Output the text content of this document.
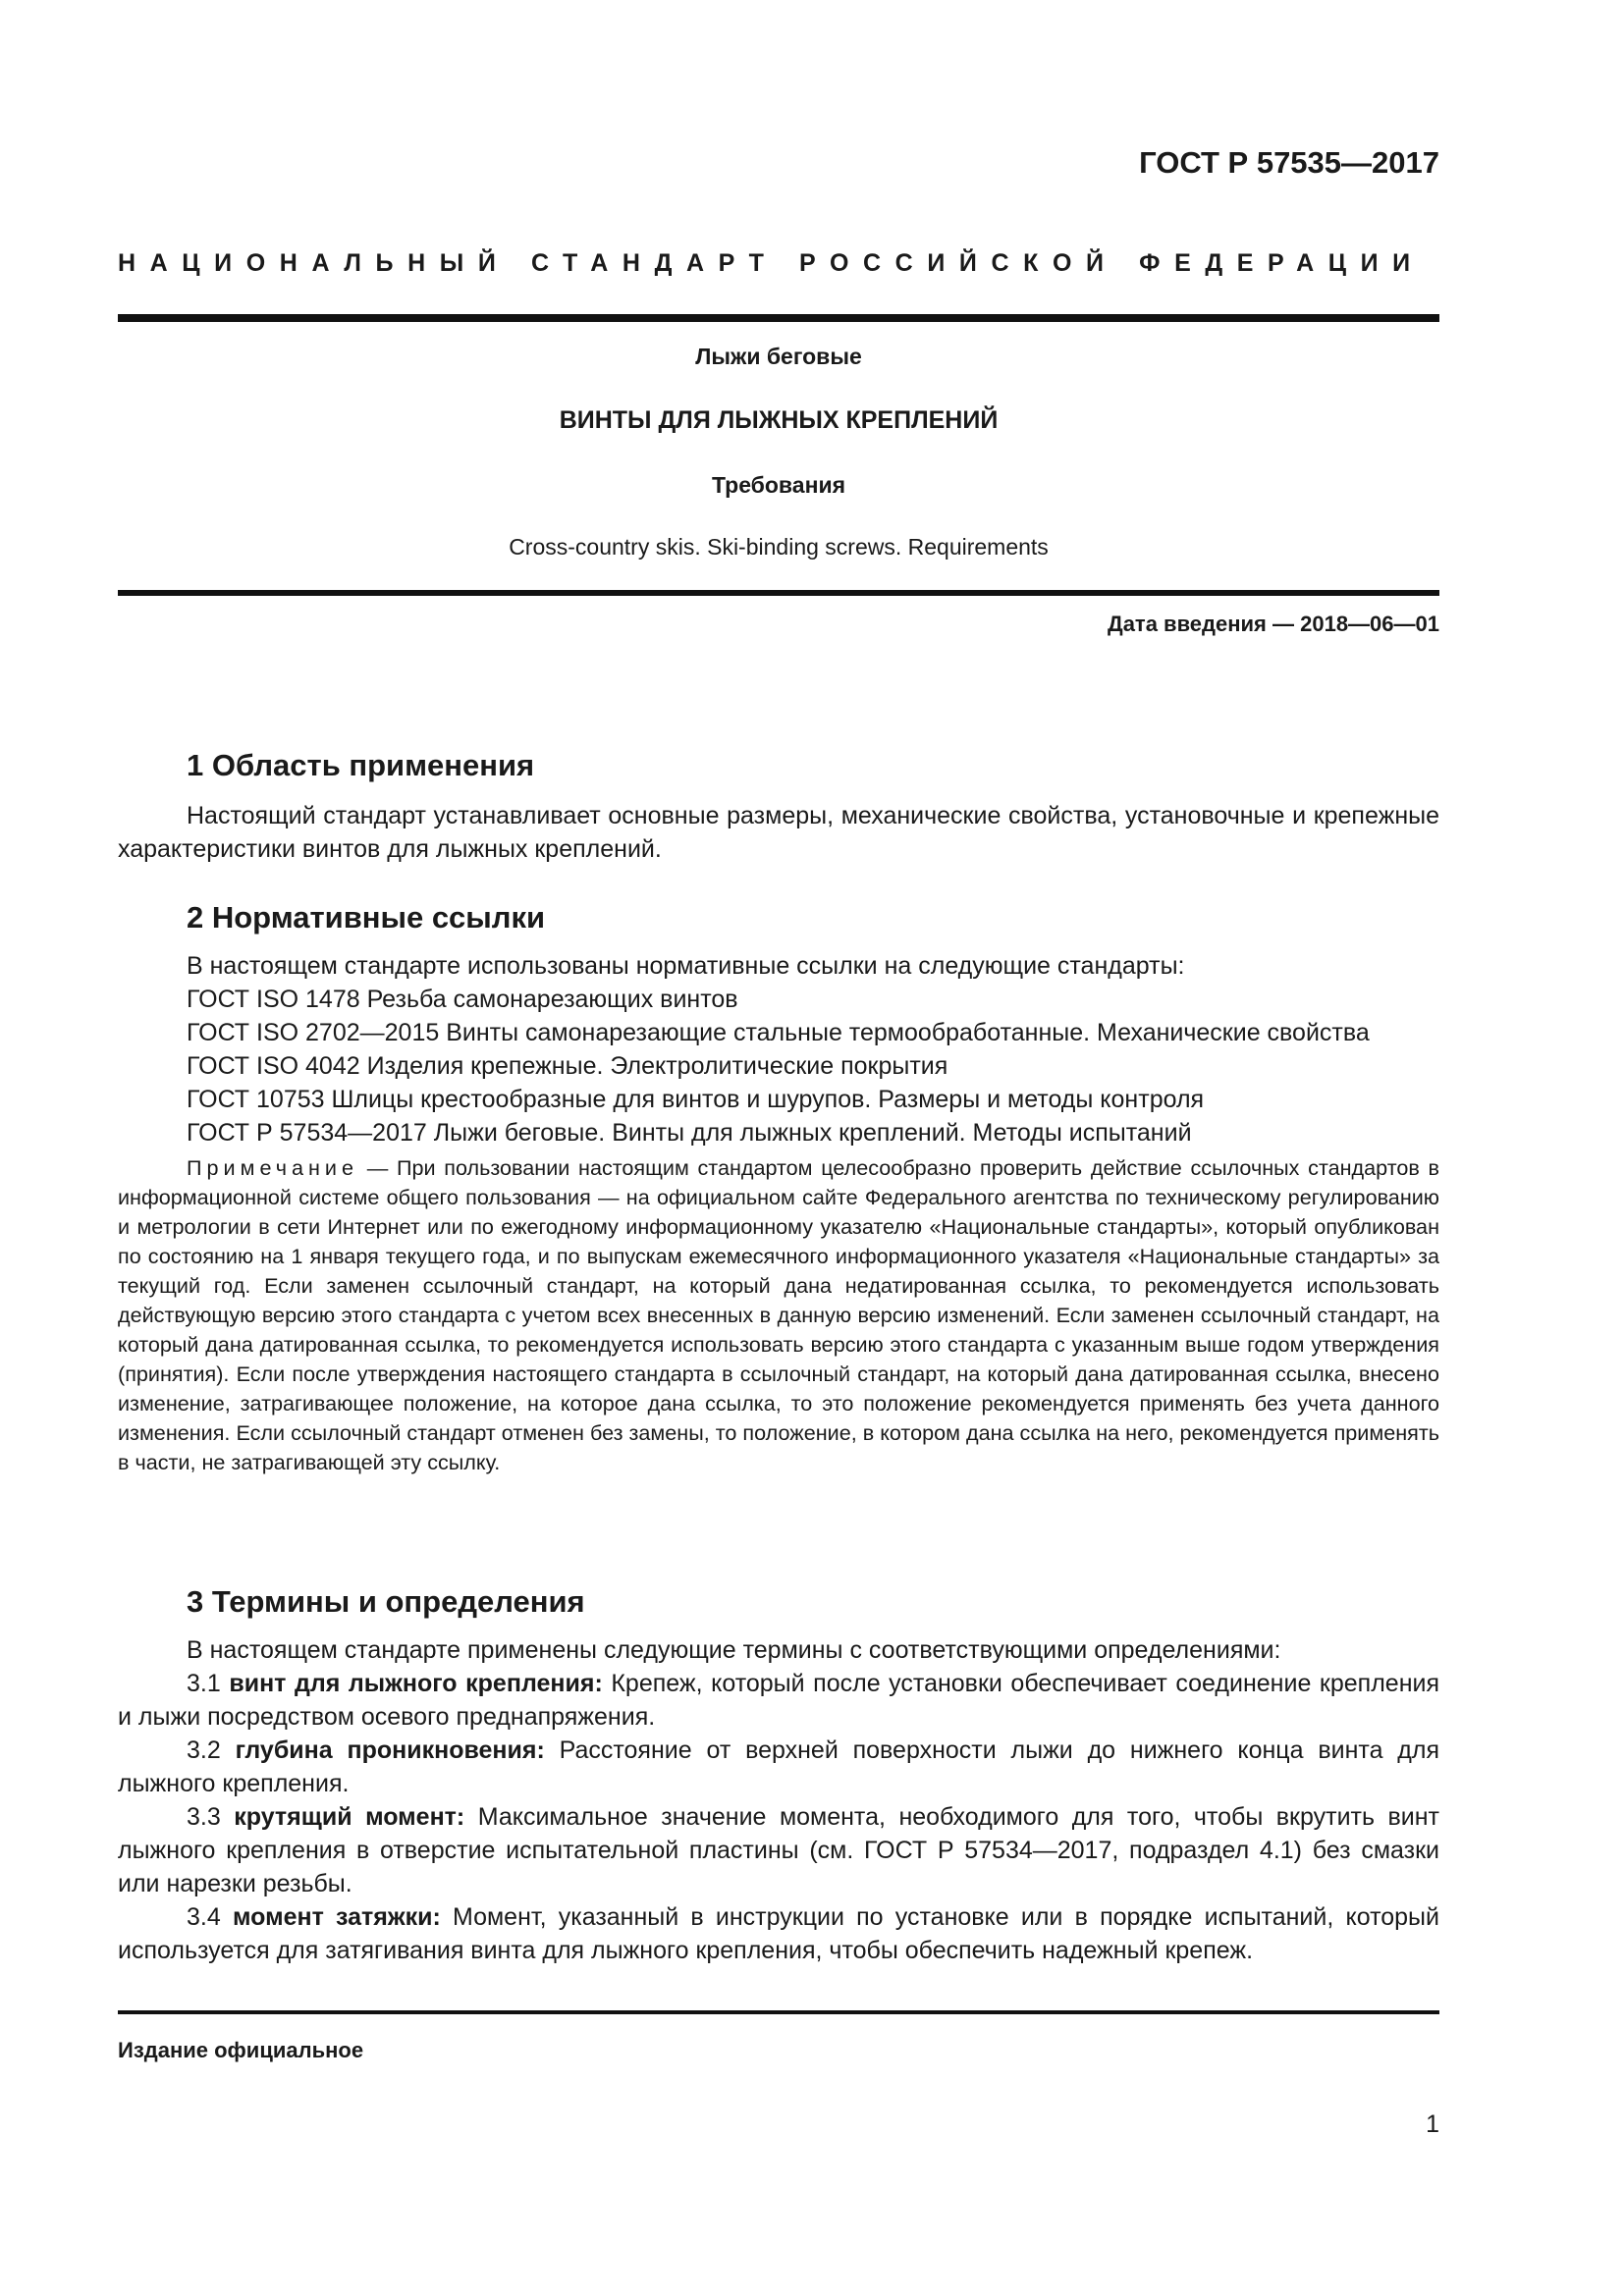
ГОСТ Р 57535—2017
НАЦИОНАЛЬНЫЙ СТАНДАРТ РОССИЙСКОЙ ФЕДЕРАЦИИ
Лыжи беговые
ВИНТЫ ДЛЯ ЛЫЖНЫХ КРЕПЛЕНИЙ
Требования
Cross-country skis. Ski-binding screws. Requirements
Дата введения — 2018—06—01
1 Область применения

Настоящий стандарт устанавливает основные размеры, механические свойства, установочные и крепежные характеристики винтов для лыжных креплений.

2 Нормативные ссылки

В настоящем стандарте использованы нормативные ссылки на следующие стандарты:

ГОСТ ISO 1478 Резьба самонарезающих винтов

ГОСТ ISO 2702—2015 Винты самонарезающие стальные термообработанные. Механические свойства

ГОСТ ISO 4042 Изделия крепежные. Электролитические покрытия

ГОСТ 10753 Шлицы крестообразные для винтов и шурупов. Размеры и методы контроля

ГОСТ Р 57534—2017 Лыжи беговые. Винты для лыжных креплений. Методы испытаний

Примечание — При пользовании настоящим стандартом целесообразно проверить действие ссылочных стандартов в информационной системе общего пользования — на официальном сайте Федерального агентства по техническому регулированию и метрологии в сети Интернет или по ежегодному информационному указателю «Национальные стандарты», который опубликован по состоянию на 1 января текущего года, и по выпускам ежемесячного информационного указателя «Национальные стандарты» за текущий год. Если заменен ссылочный стандарт, на который дана недатированная ссылка, то рекомендуется использовать действующую версию этого стандарта с учетом всех внесенных в данную версию изменений. Если заменен ссылочный стандарт, на который дана датированная ссылка, то рекомендуется использовать версию этого стандарта с указанным выше годом утверждения (принятия). Если после утверждения настоящего стандарта в ссылочный стандарт, на который дана датированная ссылка, внесено изменение, затрагивающее положение, на которое дана ссылка, то это положение рекомендуется применять без учета данного изменения. Если ссылочный стандарт отменен без замены, то положение, в котором дана ссылка на него, рекомендуется применять в части, не затрагивающей эту ссылку.
3 Термины и определения

В настоящем стандарте применены следующие термины с соответствующими определениями:

3.1 винт для лыжного крепления: Крепеж, который после установки обеспечивает соединение крепления и лыжи посредством осевого преднапряжения.

3.2 глубина проникновения: Расстояние от верхней поверхности лыжи до нижнего конца винта для лыжного крепления.

3.3 крутящий момент: Максимальное значение момента, необходимого для того, чтобы вкрутить винт лыжного крепления в отверстие испытательной пластины (см. ГОСТ Р 57534—2017, подраздел 4.1) без смазки или нарезки резьбы.

3.4 момент затяжки: Момент, указанный в инструкции по установке или в порядке испытаний, который используется для затягивания винта для лыжного крепления, чтобы обеспечить надежный крепеж.

Издание официальное
1
